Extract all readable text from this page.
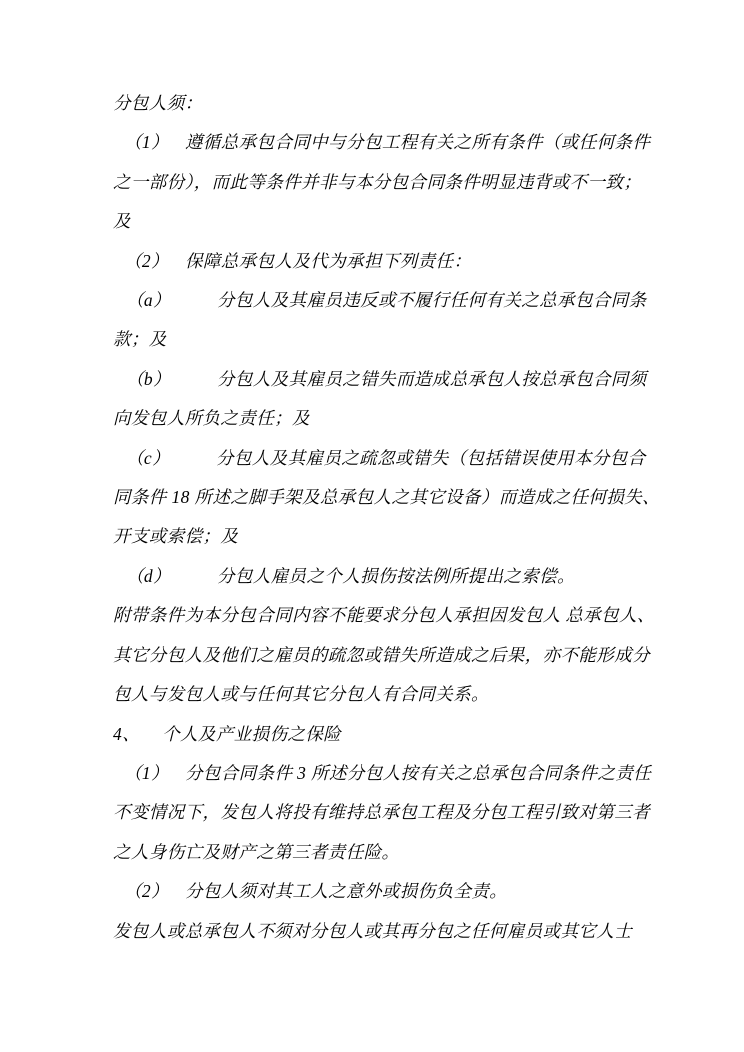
分包人须：
（1） 遵循总承包合同中与分包工程有关之所有条件（或任何条件
之一部份），而此等条件并非与本分包合同条件明显违背或不一致；
及
（2） 保障总承包人及代为承担下列责任：
（a）	分包人及其雇员违反或不履行任何有关之总承包合同条
款；及
（b）	分包人及其雇员之错失而造成总承包人按总承包合同须
向发包人所负之责任；及
（c）	分包人及其雇员之疏忽或错失（包括错误使用本分包合
同条件 18 所述之脚手架及总承包人之其它设备）而造成之任何损失、
开支或索偿；及
（d）	分包人雇员之个人损伤按法例所提出之索偿。
附带条件为本分包合同内容不能要求分包人承担因发包人 总承包人、
其它分包人及他们之雇员的疏忽或错失所造成之后果，亦不能形成分
包人与发包人或与任何其它分包人有合同关系。
4、 个人及产业损伤之保险
（1） 分包合同条件 3 所述分包人按有关之总承包合同条件之责任
不变情况下，发包人将投有维持总承包工程及分包工程引致对第三者
之人身伤亡及财产之第三者责任险。
（2） 分包人须对其工人之意外或损伤负全责。
发包人或总承包人不须对分包人或其再分包之任何雇员或其它人士
